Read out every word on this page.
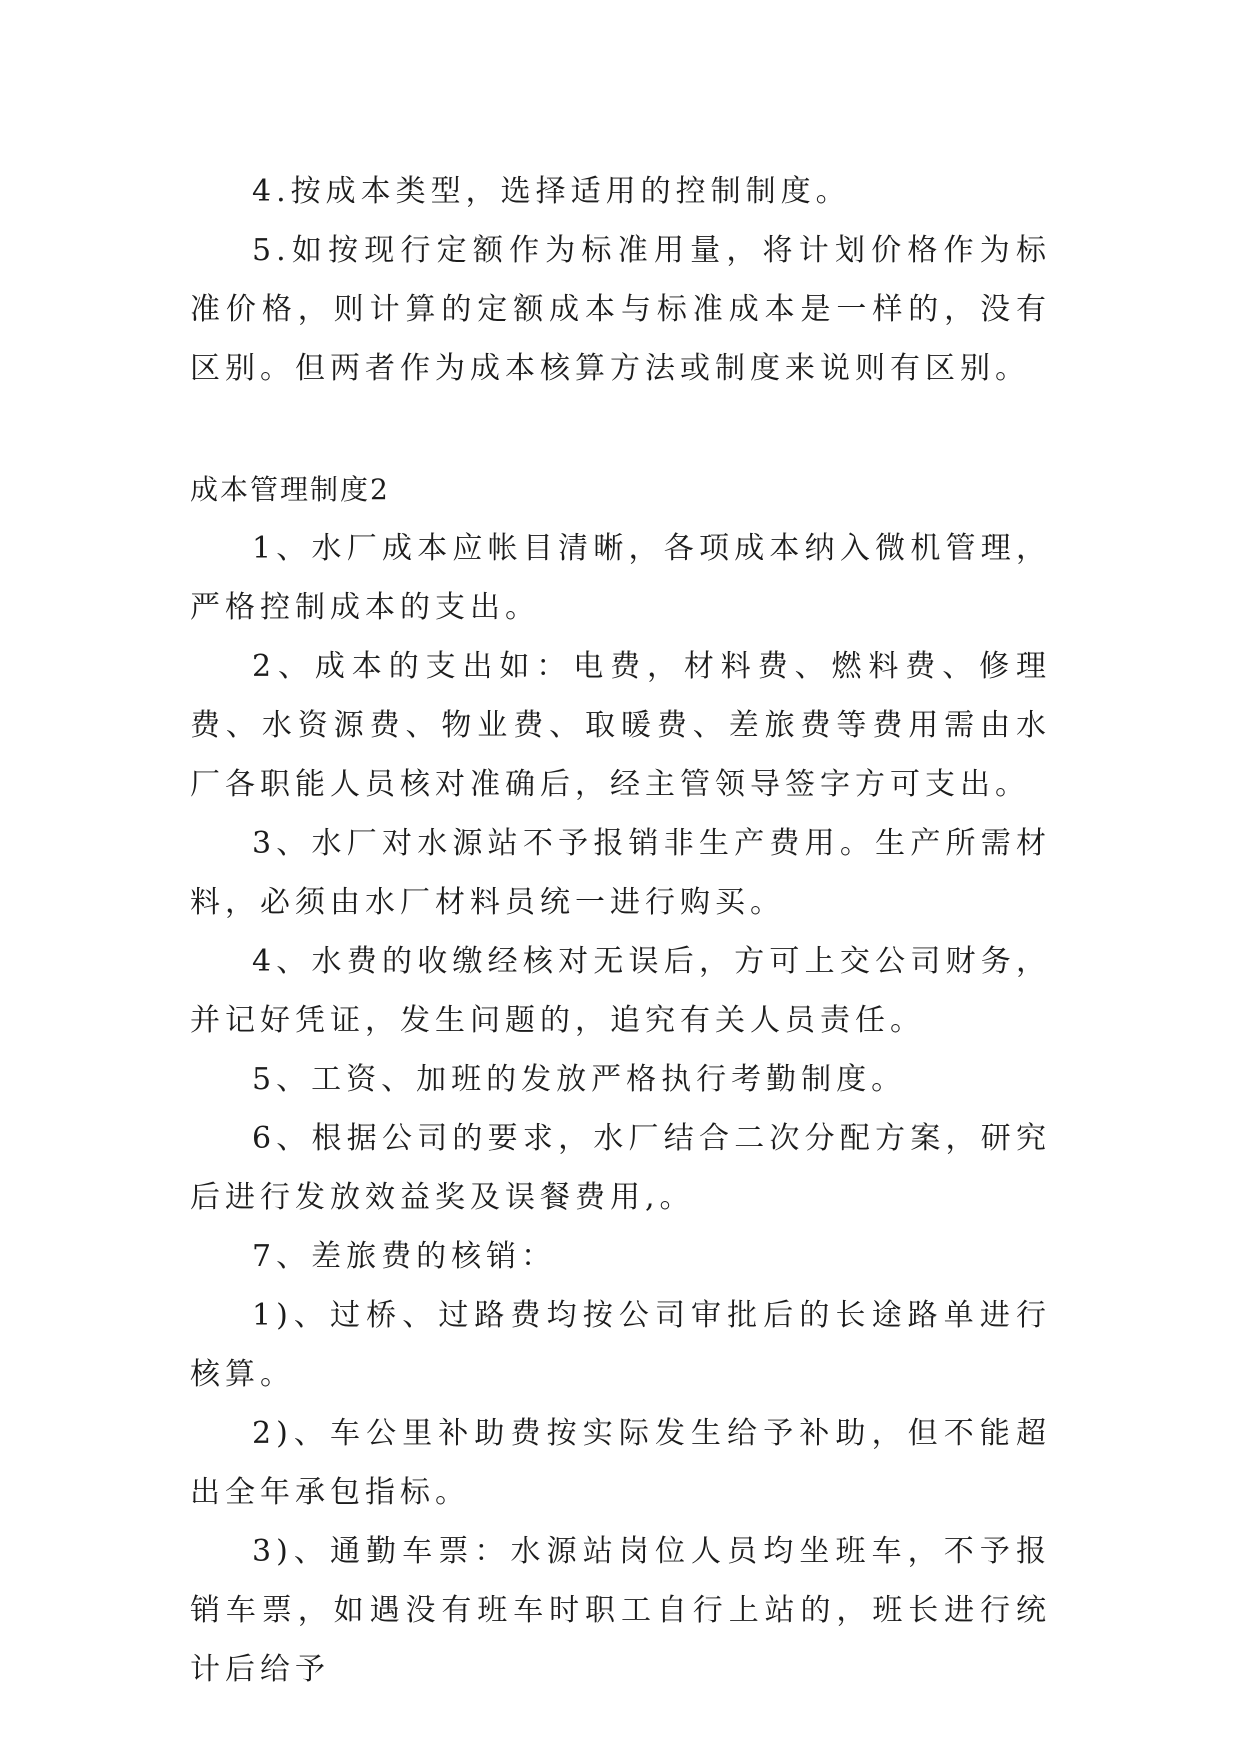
4.按成本类型，选择适用的控制制度。

5.如按现行定额作为标准用量，将计划价格作为标准价格，则计算的定额成本与标准成本是一样的，没有区别。但两者作为成本核算方法或制度来说则有区别。

成本管理制度2

1、水厂成本应帐目清晰，各项成本纳入微机管理，严格控制成本的支出。

2、成本的支出如：电费，材料费、燃料费、修理费、水资源费、物业费、取暖费、差旅费等费用需由水厂各职能人员核对准确后，经主管领导签字方可支出。

3、水厂对水源站不予报销非生产费用。生产所需材料，必须由水厂材料员统一进行购买。

4、水费的收缴经核对无误后，方可上交公司财务，并记好凭证，发生问题的，追究有关人员责任。

5、工资、加班的发放严格执行考勤制度。

6、根据公司的要求，水厂结合二次分配方案，研究后进行发放效益奖及误餐费用,。

7、差旅费的核销：

1)、过桥、过路费均按公司审批后的长途路单进行核算。

2)、车公里补助费按实际发生给予补助，但不能超出全年承包指标。

3)、通勤车票：水源站岗位人员均坐班车，不予报销车票，如遇没有班车时职工自行上站的，班长进行统计后给予
